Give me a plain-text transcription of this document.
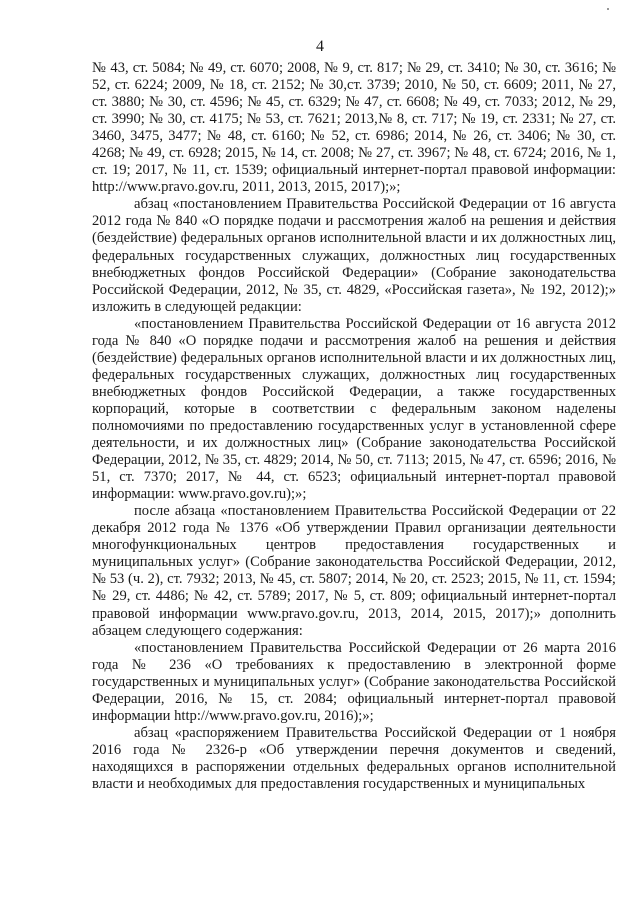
4

№ 43, ст. 5084; № 49, ст. 6070; 2008, № 9, ст. 817; № 29, ст. 3410; № 30, ст. 3616; № 52, ст. 6224; 2009, № 18, ст. 2152; № 30,ст. 3739; 2010, № 50, ст. 6609; 2011, № 27, ст. 3880; № 30, ст. 4596; № 45, ст. 6329; № 47, ст. 6608; № 49, ст. 7033; 2012, № 29, ст. 3990; № 30, ст. 4175; № 53, ст. 7621; 2013,№ 8, ст. 717; № 19, ст. 2331; № 27, ст. 3460, 3475, 3477; № 48, ст. 6160; № 52, ст. 6986; 2014, № 26, ст. 3406; № 30, ст. 4268; № 49, ст. 6928; 2015, № 14, ст. 2008; № 27, ст. 3967; № 48, ст. 6724; 2016, № 1, ст. 19; 2017, № 11, ст. 1539; официальный интернет-портал правовой информации: http://www.pravo.gov.ru, 2011, 2013, 2015, 2017);»;

абзац «постановлением Правительства Российской Федерации от 16 августа 2012 года № 840 «О порядке подачи и рассмотрения жалоб на решения и действия (бездействие) федеральных органов исполнительной власти и их должностных лиц, федеральных государственных служащих, должностных лиц государственных внебюджетных фондов Российской Федерации» (Собрание законодательства Российской Федерации, 2012, № 35, ст. 4829, «Российская газета», № 192, 2012);» изложить в следующей редакции:

«постановлением Правительства Российской Федерации от 16 августа 2012 года № 840 «О порядке подачи и рассмотрения жалоб на решения и действия (бездействие) федеральных органов исполнительной власти и их должностных лиц, федеральных государственных служащих, должностных лиц государственных внебюджетных фондов Российской Федерации, а также государственных корпораций, которые в соответствии с федеральным законом наделены полномочиями по предоставлению государственных услуг в установленной сфере деятельности, и их должностных лиц» (Собрание законодательства Российской Федерации, 2012, № 35, ст. 4829; 2014, № 50, ст. 7113; 2015, № 47, ст. 6596; 2016, № 51, ст. 7370; 2017, № 44, ст. 6523; официальный интернет-портал правовой информации: www.pravo.gov.ru);»;

после абзаца «постановлением Правительства Российской Федерации от 22 декабря 2012 года № 1376 «Об утверждении Правил организации деятельности многофункциональных центров предоставления государственных и муниципальных услуг» (Собрание законодательства Российской Федерации, 2012, № 53 (ч. 2), ст. 7932; 2013, № 45, ст. 5807; 2014, № 20, ст. 2523; 2015, № 11, ст. 1594; № 29, ст. 4486; № 42, ст. 5789; 2017, № 5, ст. 809; официальный интернет-портал правовой информации www.pravo.gov.ru, 2013, 2014, 2015, 2017);» дополнить абзацем следующего содержания:

«постановлением Правительства Российской Федерации от 26 марта 2016 года № 236 «О требованиях к предоставлению в электронной форме государственных и муниципальных услуг» (Собрание законодательства Российской Федерации, 2016, № 15, ст. 2084; официальный интернет-портал правовой информации http://www.pravo.gov.ru, 2016);»;

абзац «распоряжением Правительства Российской Федерации от 1 ноября 2016 года № 2326-р «Об утверждении перечня документов и сведений, находящихся в распоряжении отдельных федеральных органов исполнительной власти и необходимых для предоставления государственных и муниципальных
